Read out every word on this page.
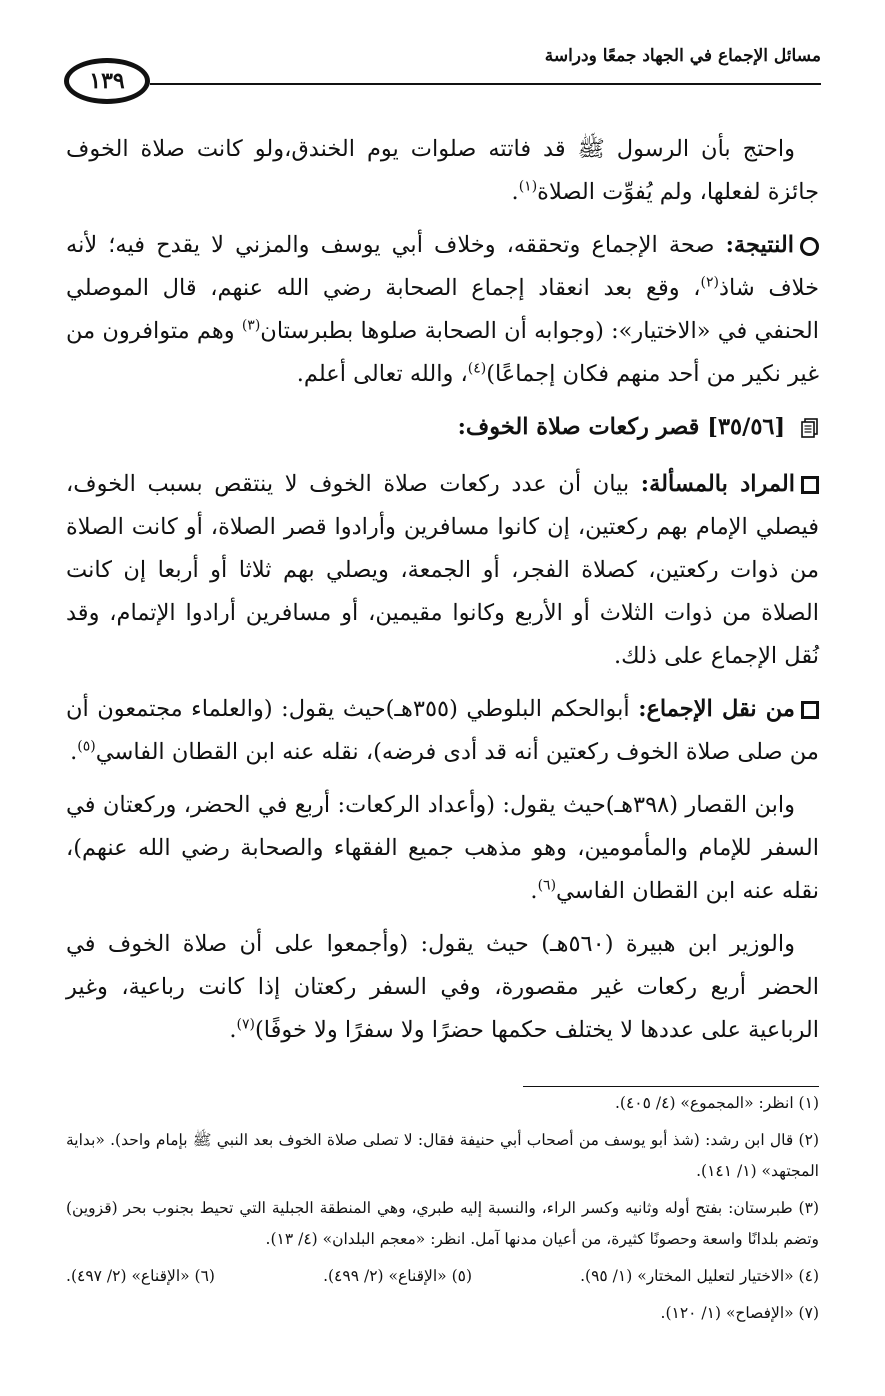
مسائل الإجماع في الجهاد جمعًا ودراسة
١٣٩

واحتج بأن الرسول ﷺ قد فاتته صلوات يوم الخندق،ولو كانت صلاة الخوف جائزة لفعلها، ولم يُفوِّت الصلاة$^{(١)}$.

النتيجة: صحة الإجماع وتحققه، وخلاف أبي يوسف والمزني لا يقدح فيه؛ لأنه خلاف شاذ$^{(٢)}$، وقع بعد انعقاد إجماع الصحابة رضي الله عنهم، قال الموصلي الحنفي في «الاختيار»: (وجوابه أن الصحابة صلوها بطبرستان$^{(٣)}$ وهم متوافرون من غير نكير من أحد منهم فكان إجماعًا)$^{(٤)}$، والله تعالى أعلم.

[٣٥/٥٦] قصر ركعات صلاة الخوف:

المراد بالمسألة: بيان أن عدد ركعات صلاة الخوف لا ينتقص بسبب الخوف، فيصلي الإمام بهم ركعتين، إن كانوا مسافرين وأرادوا قصر الصلاة، أو كانت الصلاة من ذوات ركعتين، كصلاة الفجر، أو الجمعة، ويصلي بهم ثلاثا أو أربعا إن كانت الصلاة من ذوات الثلاث أو الأربع وكانوا مقيمين، أو مسافرين أرادوا الإتمام، وقد نُقل الإجماع على ذلك.

من نقل الإجماع: أبوالحكم البلوطي (٣٥٥هـ)حيث يقول: (والعلماء مجتمعون أن من صلى صلاة الخوف ركعتين أنه قد أدى فرضه)، نقله عنه ابن القطان الفاسي$^{(٥)}$.

وابن القصار (٣٩٨هـ)حيث يقول: (وأعداد الركعات: أربع في الحضر، وركعتان في السفر للإمام والمأمومين، وهو مذهب جميع الفقهاء والصحابة رضي الله عنهم)، نقله عنه ابن القطان الفاسي$^{(٦)}$.

والوزير ابن هبيرة (٥٦٠هـ) حيث يقول: (وأجمعوا على أن صلاة الخوف في الحضر أربع ركعات غير مقصورة، وفي السفر ركعتان إذا كانت رباعية، وغير الرباعية على عددها لا يختلف حكمها حضرًا ولا سفرًا ولا خوفًا)$^{(٧)}$.

(١) انظر: «المجموع» (٤/ ٤٠٥).

(٢) قال ابن رشد: (شذ أبو يوسف من أصحاب أبي حنيفة فقال: لا تصلى صلاة الخوف بعد النبي ﷺ بإمام واحد). «بداية المجتهد» (١/ ١٤١).

(٣) طبرستان: بفتح أوله وثانيه وكسر الراء، والنسبة إليه طبري، وهي المنطقة الجبلية التي تحيط بجنوب بحر (قزوين) وتضم بلدانًا واسعة وحصونًا كثيرة، من أعيان مدنها آمل. انظر: «معجم البلدان» (٤/ ١٣).

(٤) «الاختيار لتعليل المختار» (١/ ٩٥).
(٥) «الإقناع» (٢/ ٤٩٩).
(٦) «الإقناع» (٢/ ٤٩٧).

(٧) «الإفصاح» (١/ ١٢٠).
